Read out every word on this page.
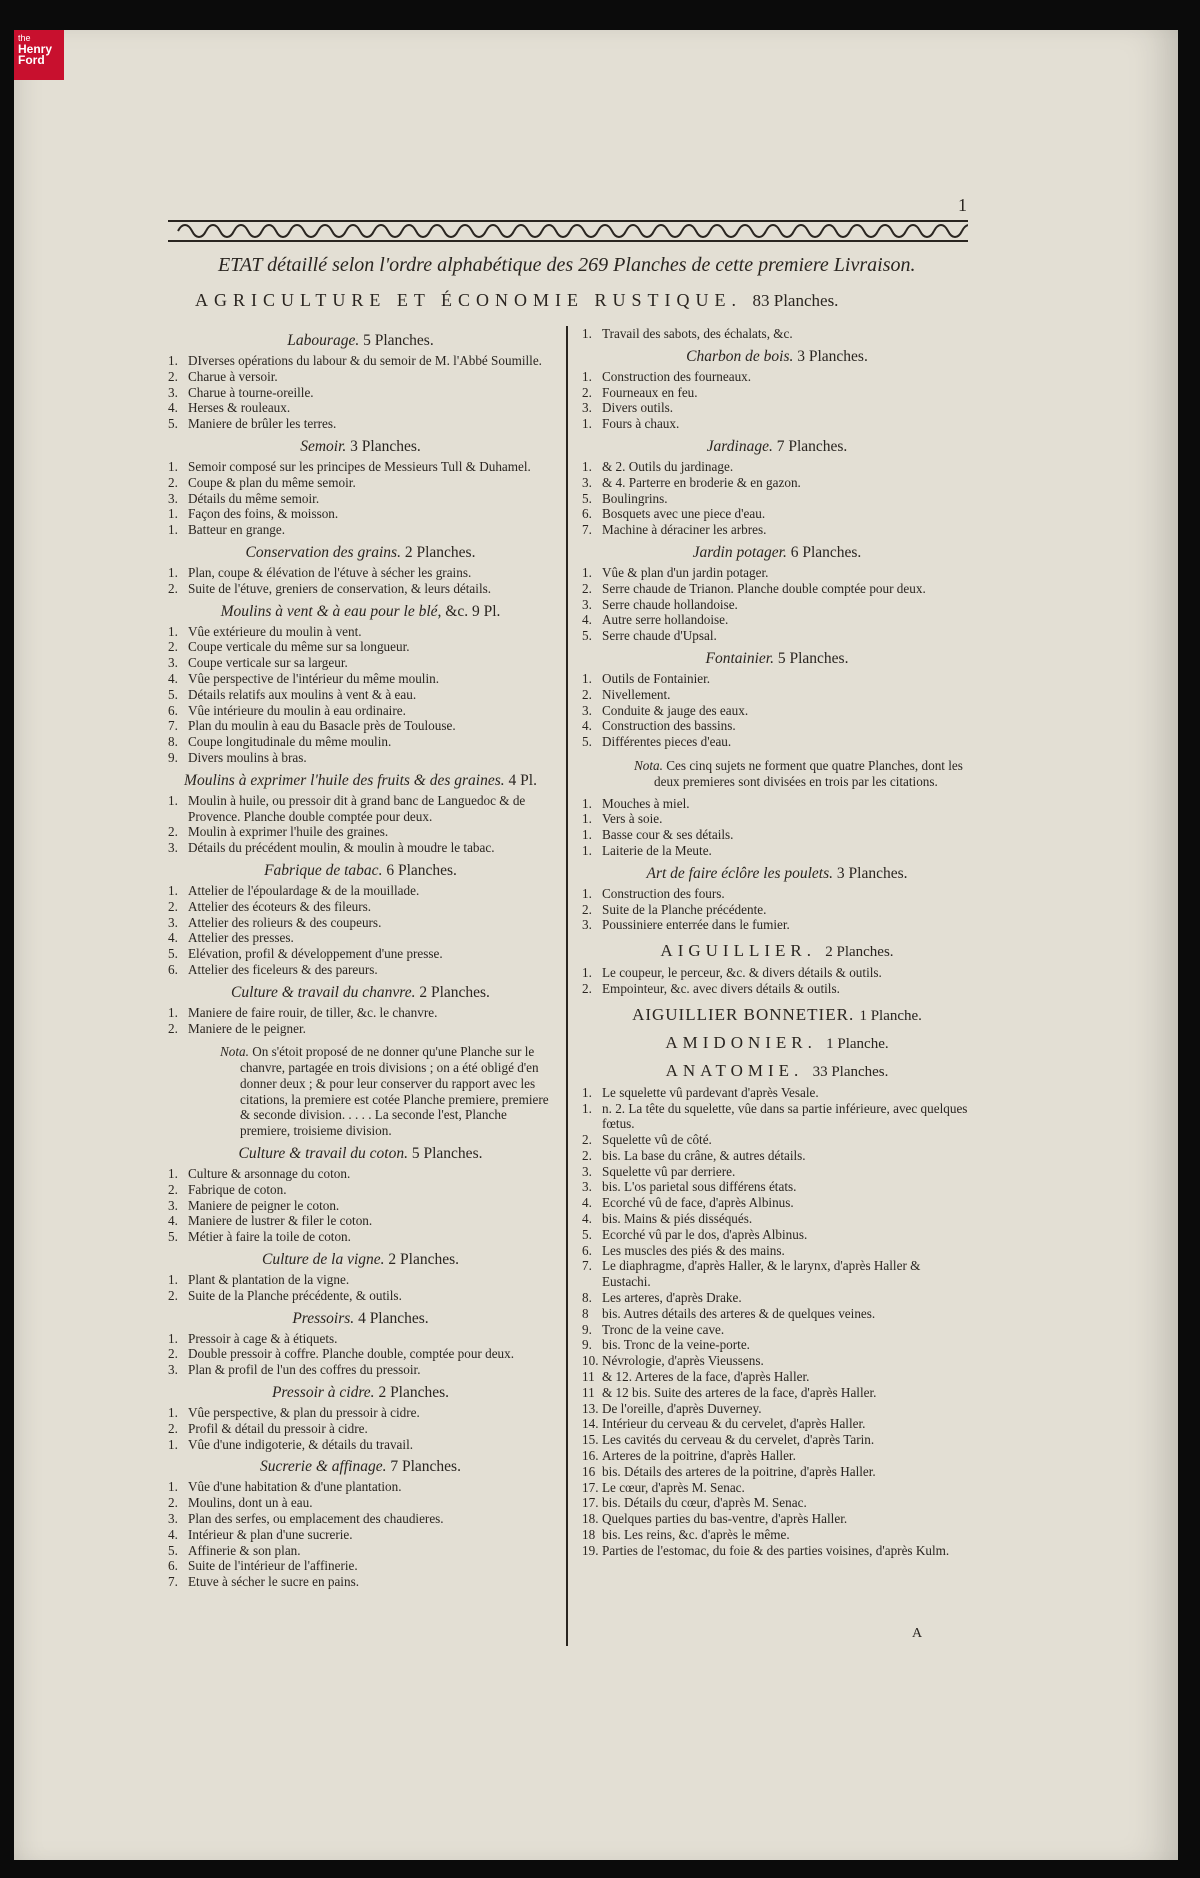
the
Henry
Ford
1
ETAT détaillé selon l'ordre alphabétique des 269 Planches de cette premiere Livraison.
AGRICULTURE ET ÉCONOMIE RUSTIQUE. 83 Planches.
Labourage. 5 Planches.
1. DIverses opérations du labour & du semoir de M. l'Abbé Soumille.
2. Charue à versoir.
3. Charue à tourne-oreille.
4. Herses & rouleaux.
5. Maniere de brûler les terres.
Semoir. 3 Planches.
1. Semoir composé sur les principes de Messieurs Tull & Duhamel.
2. Coupe & plan du même semoir.
3. Détails du même semoir.
1. Façon des foins, & moisson.
1. Batteur en grange.
Conservation des grains. 2 Planches.
1. Plan, coupe & élévation de l'étuve à sécher les grains.
2. Suite de l'étuve, greniers de conservation, & leurs détails.
Moulins à vent & à eau pour le blé, &c. 9 Pl.
1. Vûe extérieure du moulin à vent.
2. Coupe verticale du même sur sa longueur.
3. Coupe verticale sur sa largeur.
4. Vûe perspective de l'intérieur du même moulin.
5. Détails relatifs aux moulins à vent & à eau.
6. Vûe intérieure du moulin à eau ordinaire.
7. Plan du moulin à eau du Basacle près de Toulouse.
8. Coupe longitudinale du même moulin.
9. Divers moulins à bras.
Moulins à exprimer l'huile des fruits & des graines. 4 Pl.
1. Moulin à huile, ou pressoir dit à grand banc de Languedoc & de Provence. Planche double comptée pour deux.
2. Moulin à exprimer l'huile des graines.
3. Détails du précédent moulin, & moulin à moudre le tabac.
Fabrique de tabac. 6 Planches.
1. Attelier de l'époulardage & de la mouillade.
2. Attelier des écoteurs & des fileurs.
3. Attelier des rolieurs & des coupeurs.
4. Attelier des presses.
5. Elévation, profil & développement d'une presse.
6. Attelier des ficeleurs & des pareurs.
Culture & travail du chanvre. 2 Planches.
1. Maniere de faire rouir, de tiller, &c. le chanvre.
2. Maniere de le peigner.
Nota. On s'étoit proposé de ne donner qu'une Planche sur le chanvre, partagée en trois divisions ; on a été obligé d'en donner deux ; & pour leur conserver du rapport avec les citations, la premiere est cotée Planche premiere, premiere & seconde division. . . . . La seconde l'est, Planche premiere, troisieme division.
Culture & travail du coton. 5 Planches.
1. Culture & arsonnage du coton.
2. Fabrique de coton.
3. Maniere de peigner le coton.
4. Maniere de lustrer & filer le coton.
5. Métier à faire la toile de coton.
Culture de la vigne. 2 Planches.
1. Plant & plantation de la vigne.
2. Suite de la Planche précédente, & outils.
Pressoirs. 4 Planches.
1. Pressoir à cage & à étiquets.
2. Double pressoir à coffre. Planche double, comptée pour deux.
3. Plan & profil de l'un des coffres du pressoir.
Pressoir à cidre. 2 Planches.
1. Vûe perspective, & plan du pressoir à cidre.
2. Profil & détail du pressoir à cidre.
1. Vûe d'une indigoterie, & détails du travail.
Sucrerie & affinage. 7 Planches.
1. Vûe d'une habitation & d'une plantation.
2. Moulins, dont un à eau.
3. Plan des serfes, ou emplacement des chaudieres.
4. Intérieur & plan d'une sucrerie.
5. Affinerie & son plan.
6. Suite de l'intérieur de l'affinerie.
7. Etuve à sécher le sucre en pains.
1. Travail des sabots, des échalats, &c.
Charbon de bois. 3 Planches.
1. Construction des fourneaux.
2. Fourneaux en feu.
3. Divers outils.
1. Fours à chaux.
Jardinage. 7 Planches.
1. & 2. Outils du jardinage.
3. & 4. Parterre en broderie & en gazon.
5. Boulingrins.
6. Bosquets avec une piece d'eau.
7. Machine à déraciner les arbres.
Jardin potager. 6 Planches.
1. Vûe & plan d'un jardin potager.
2. Serre chaude de Trianon. Planche double comptée pour deux.
3. Serre chaude hollandoise.
4. Autre serre hollandoise.
5. Serre chaude d'Upsal.
Fontainier. 5 Planches.
1. Outils de Fontainier.
2. Nivellement.
3. Conduite & jauge des eaux.
4. Construction des bassins.
5. Différentes pieces d'eau.
Nota. Ces cinq sujets ne forment que quatre Planches, dont les deux premieres sont divisées en trois par les citations.
1. Mouches à miel.
1. Vers à soie.
1. Basse cour & ses détails.
1. Laiterie de la Meute.
Art de faire éclôre les poulets. 3 Planches.
1. Construction des fours.
2. Suite de la Planche précédente.
3. Poussiniere enterrée dans le fumier.
AIGUILLIER. 2 Planches.
1. Le coupeur, le perceur, &c. & divers détails & outils.
2. Empointeur, &c. avec divers détails & outils.
AIGUILLIER BONNETIER. 1 Planche.
AMIDONIER. 1 Planche.
ANATOMIE. 33 Planches.
1. Le squelette vû pardevant d'après Vesale.
1. n. 2. La tête du squelette, vûe dans sa partie inférieure, avec quelques fœtus.
2. Squelette vû de côté.
2. bis. La base du crâne, & autres détails.
3. Squelette vû par derriere.
3. bis. L'os parietal sous différens états.
4. Ecorché vû de face, d'après Albinus.
4. bis. Mains & piés disséqués.
5. Ecorché vû par le dos, d'après Albinus.
6. Les muscles des piés & des mains.
7. Le diaphragme, d'après Haller, & le larynx, d'après Haller & Eustachi.
8. Les arteres, d'après Drake.
8 bis. Autres détails des arteres & de quelques veines.
9. Tronc de la veine cave.
9. bis. Tronc de la veine-porte.
10. Névrologie, d'après Vieussens.
11 & 12. Arteres de la face, d'après Haller.
11 & 12 bis. Suite des arteres de la face, d'après Haller.
13. De l'oreille, d'après Duverney.
14. Intérieur du cerveau & du cervelet, d'après Haller.
15. Les cavités du cerveau & du cervelet, d'après Tarin.
16. Arteres de la poitrine, d'après Haller.
16 bis. Détails des arteres de la poitrine, d'après Haller.
17. Le cœur, d'après M. Senac.
17. bis. Détails du cœur, d'après M. Senac.
18. Quelques parties du bas-ventre, d'après Haller.
18 bis. Les reins, &c. d'après le même.
19. Parties de l'estomac, du foie & des parties voisines, d'après Kulm.
A
